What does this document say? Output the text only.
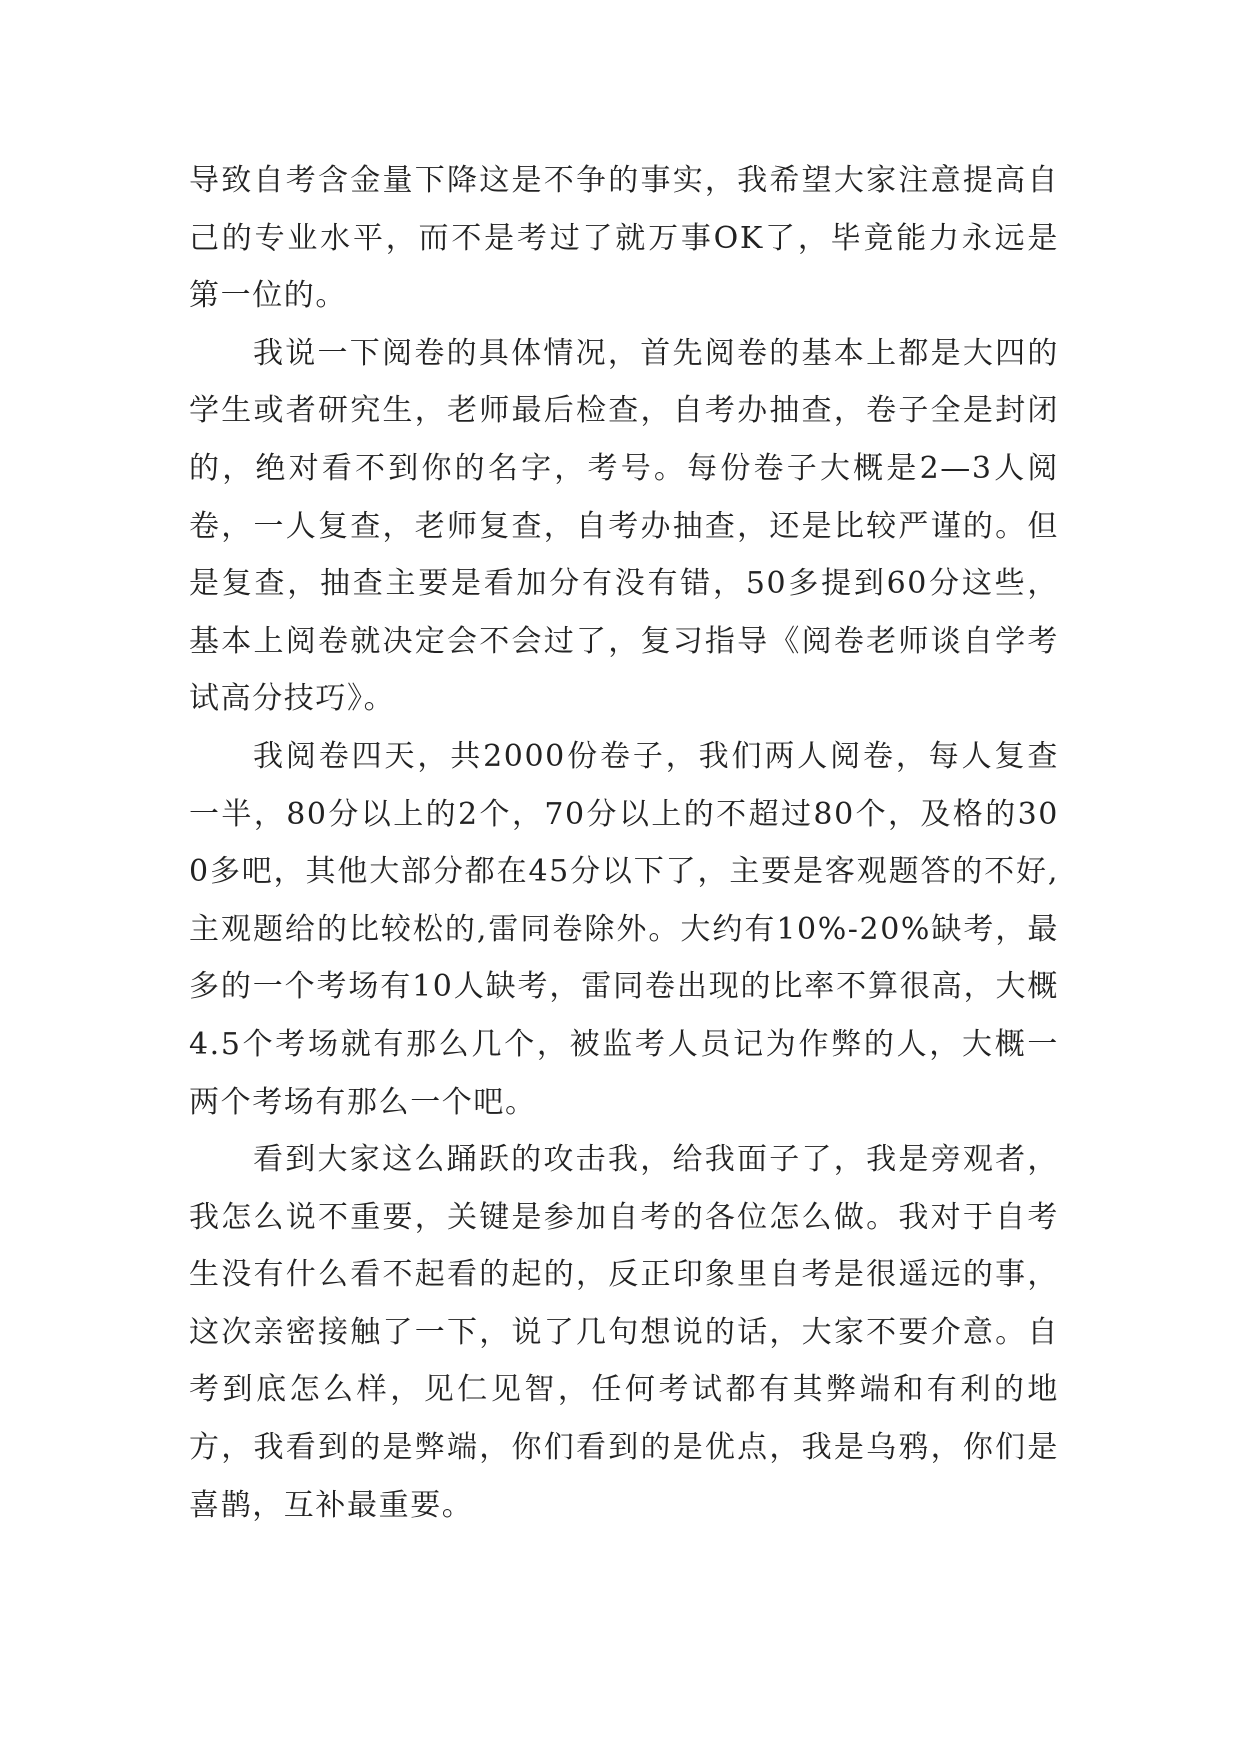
导致自考含金量下降这是不争的事实，我希望大家注意提高自己的专业水平，而不是考过了就万事OK了，毕竟能力永远是第一位的。

我说一下阅卷的具体情况，首先阅卷的基本上都是大四的学生或者研究生，老师最后检查，自考办抽查，卷子全是封闭的，绝对看不到你的名字，考号。每份卷子大概是2—3人阅卷，一人复查，老师复查，自考办抽查，还是比较严谨的。但是复查，抽查主要是看加分有没有错，50多提到60分这些，基本上阅卷就决定会不会过了，复习指导《阅卷老师谈自学考试高分技巧》。

我阅卷四天，共2000份卷子，我们两人阅卷，每人复查一半，80分以上的2个，70分以上的不超过80个，及格的300多吧，其他大部分都在45分以下了，主要是客观题答的不好,主观题给的比较松的,雷同卷除外。大约有10%-20%缺考，最多的一个考场有10人缺考，雷同卷出现的比率不算很高，大概4.5个考场就有那么几个，被监考人员记为作弊的人，大概一两个考场有那么一个吧。

看到大家这么踊跃的攻击我，给我面子了，我是旁观者，我怎么说不重要，关键是参加自考的各位怎么做。我对于自考生没有什么看不起看的起的，反正印象里自考是很遥远的事，这次亲密接触了一下，说了几句想说的话，大家不要介意。自考到底怎么样，见仁见智，任何考试都有其弊端和有利的地方，我看到的是弊端，你们看到的是优点，我是乌鸦，你们是喜鹊，互补最重要。
